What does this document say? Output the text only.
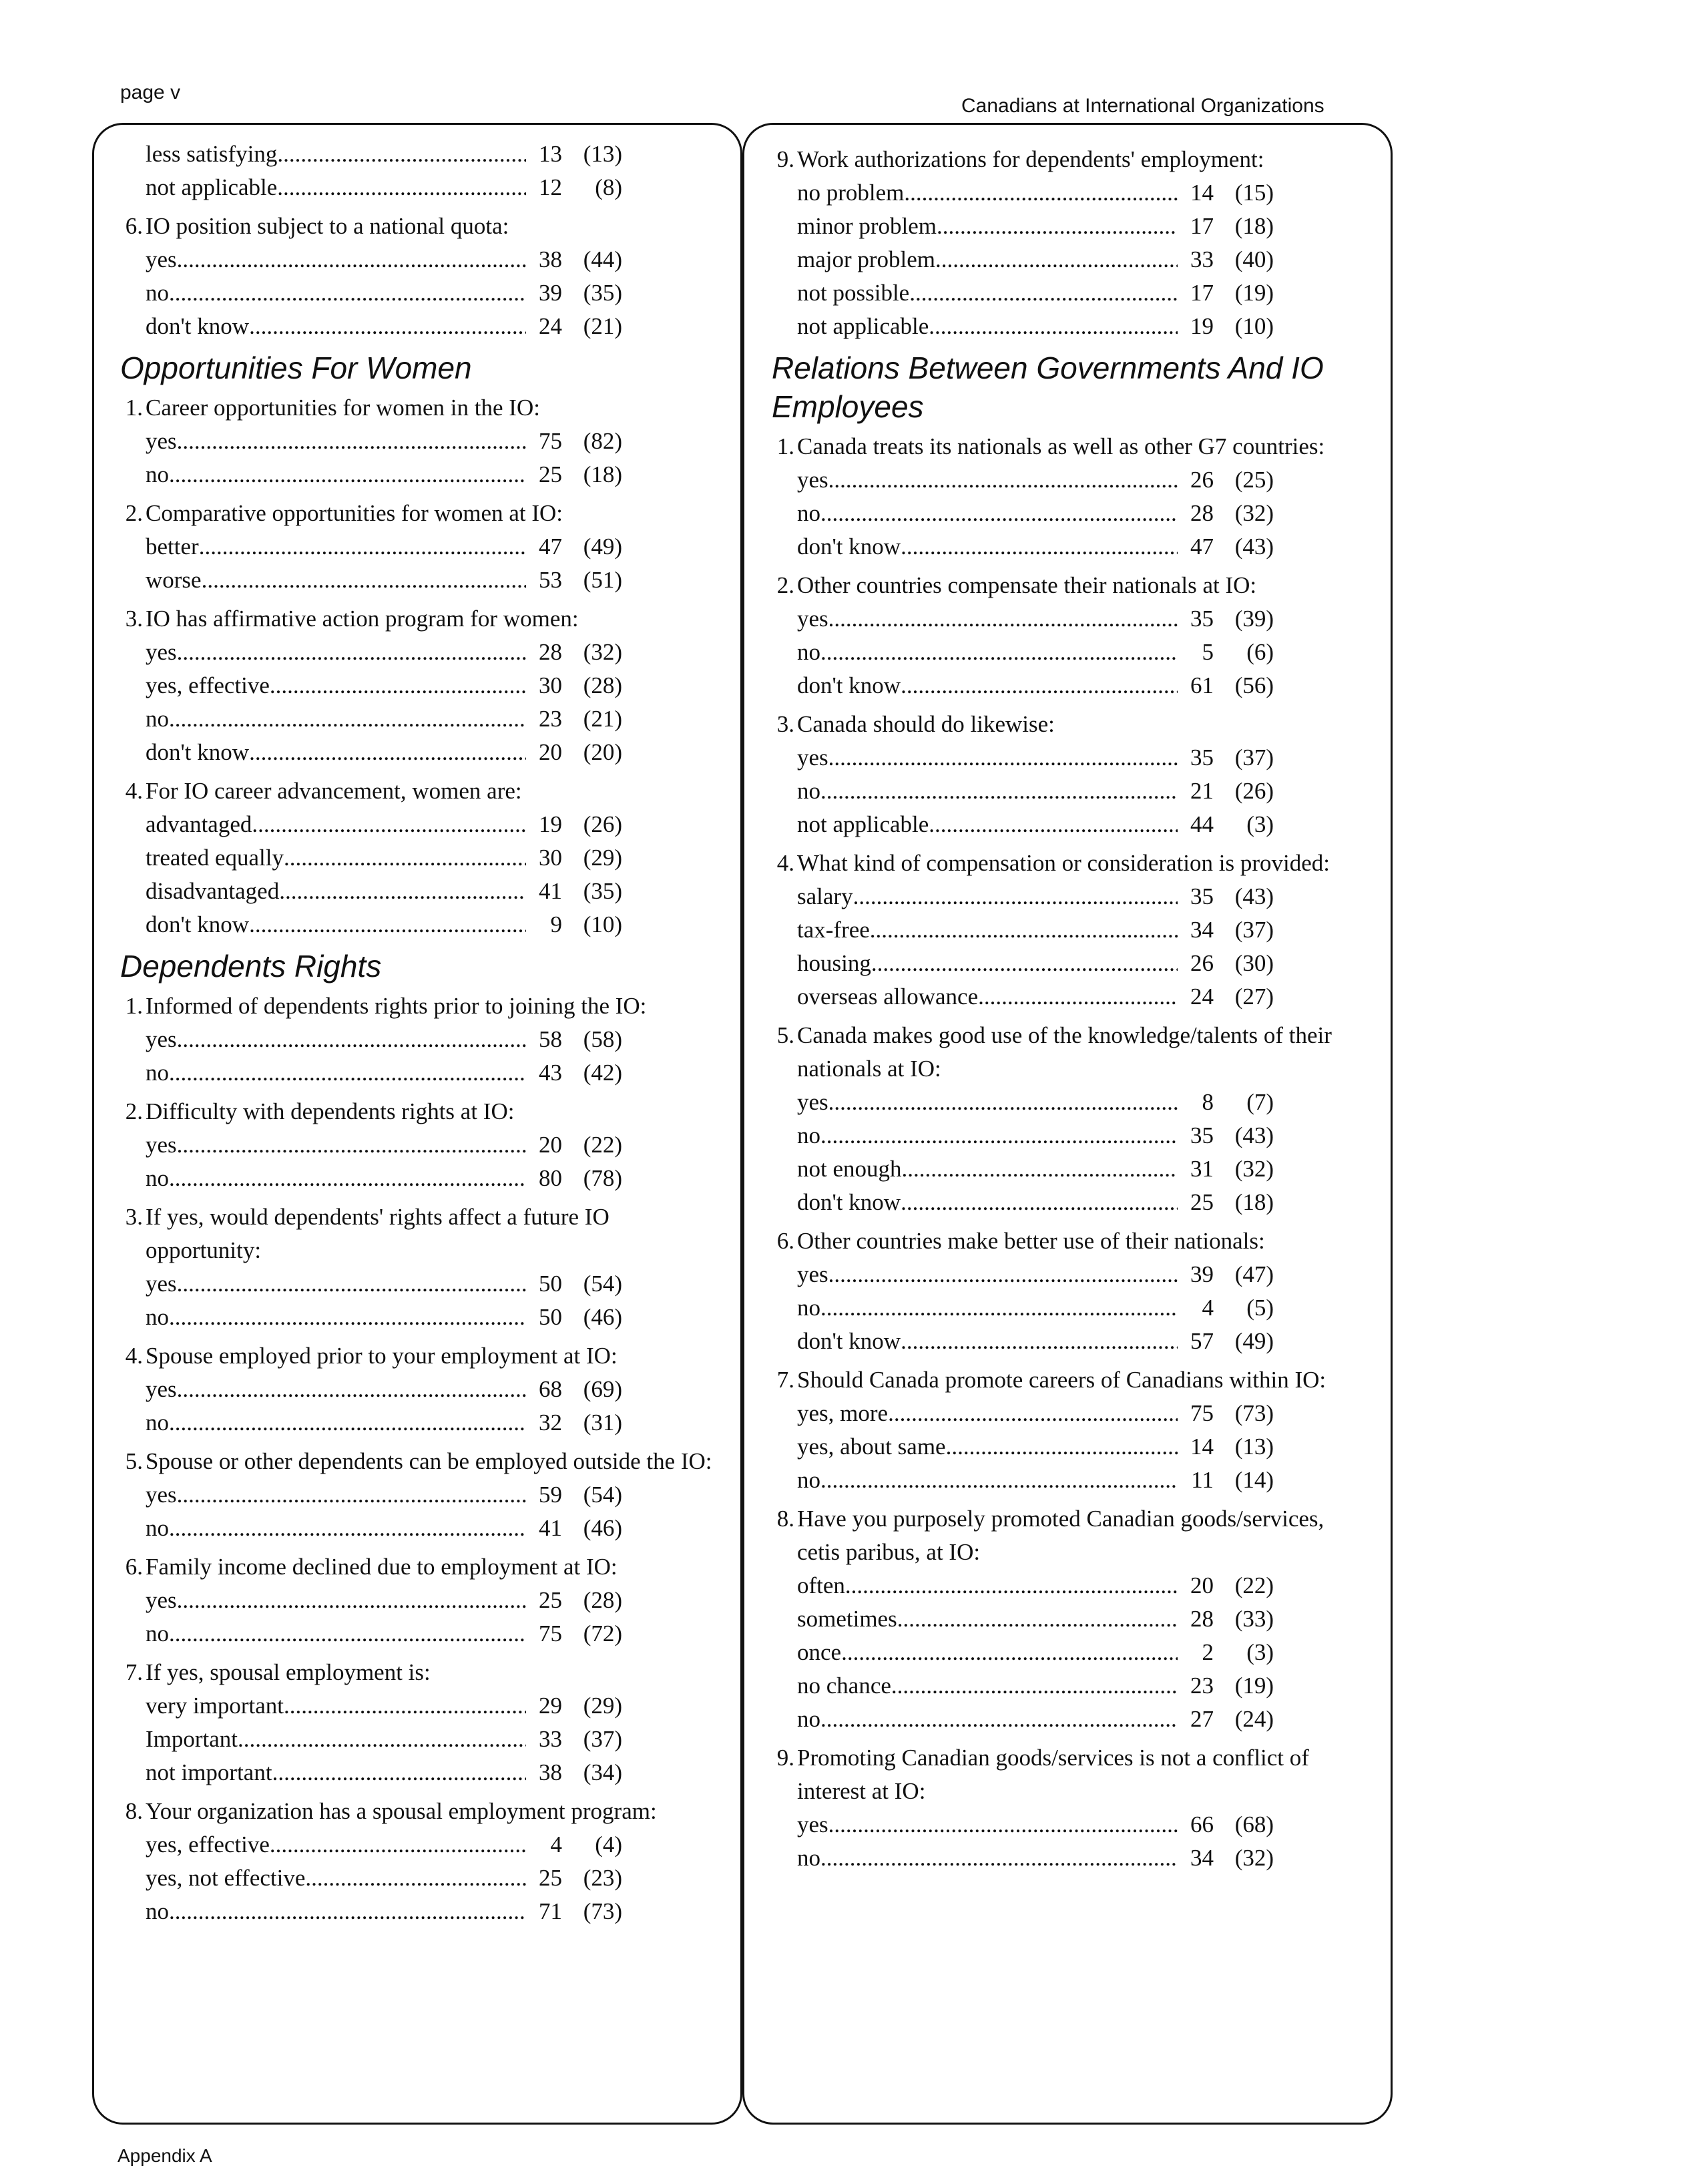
page v
Canadians at International Organizations
less satisfying .....	13 (13)
not applicable .....	12	(8)
6. IO position subject to a national quota:
yes .....	38 (44)
no .....	39 (35)
don't know .....	24 (21)
Opportunities For Women
1. Career opportunities for women in the IO:
yes .....	75 (82)
no .....	25 (18)
2. Comparative opportunities for women at IO:
better .....	47 (49)
worse .....	53 (51)
3. IO has affirmative action program for women:
yes .....	28 (32)
yes, effective .....	30 (28)
no .....	23 (21)
don't know .....	20 (20)
4. For IO career advancement, women are:
advantaged .....	19 (26)
treated equally .....	30 (29)
disadvantaged .....	41 (35)
don't know .....	9 (10)
Dependents Rights
1. Informed of dependents rights prior to joining the IO:
yes .....	58 (58)
no .....	43 (42)
2. Difficulty with dependents rights at IO:
yes .....	20 (22)
no .....	80 (78)
3. If yes, would dependents' rights affect a future IO opportunity:
yes .....	50 (54)
no .....	50 (46)
4. Spouse employed prior to your employment at IO:
yes .....	68 (69)
no .....	32 (31)
5. Spouse or other dependents can be employed outside the IO:
yes .....	59 (54)
no .....	41 (46)
6. Family income declined due to employment at IO:
yes .....	25 (28)
no .....	75 (72)
7. If yes, spousal employment is:
very important .....	29 (29)
Important .....	33 (37)
not important .....	38 (34)
8. Your organization has a spousal employment program:
yes, effective .....	4	(4)
yes, not effective .....	25 (23)
no .....	71 (73)
9. Work authorizations for dependents' employment:
no problem .....	14 (15)
minor problem .....	17 (18)
major problem .....	33 (40)
not possible .....	17 (19)
not applicable .....	19 (10)
Relations Between Governments And IO Employees
1. Canada treats its nationals as well as other G7 countries:
yes .....	26 (25)
no .....	28 (32)
don't know .....	47 (43)
2. Other countries compensate their nationals at IO:
yes .....	35 (39)
no .....	5	(6)
don't know .....	61 (56)
3. Canada should do likewise:
yes .....	35 (37)
no .....	21 (26)
not applicable .....	44	(3)
4. What kind of compensation or consideration is provided:
salary .....	35 (43)
tax-free .....	34 (37)
housing .....	26 (30)
overseas allowance .....	24 (27)
5. Canada makes good use of the knowledge/talents of their nationals at IO:
yes .....	8	(7)
no .....	35 (43)
not enough .....	31 (32)
don't know .....	25 (18)
6. Other countries make better use of their nationals:
yes .....	39 (47)
no .....	4	(5)
don't know .....	57 (49)
7. Should Canada promote careers of Canadians within IO:
yes, more .....	75 (73)
yes, about same .....	14 (13)
no .....	11 (14)
8. Have you purposely promoted Canadian goods/services, cetis paribus, at IO:
often .....	20 (22)
sometimes .....	28 (33)
once .....	2	(3)
no chance .....	23 (19)
no .....	27 (24)
9. Promoting Canadian goods/services is not a conflict of interest at IO:
yes .....	66 (68)
no .....	34 (32)
Appendix A
